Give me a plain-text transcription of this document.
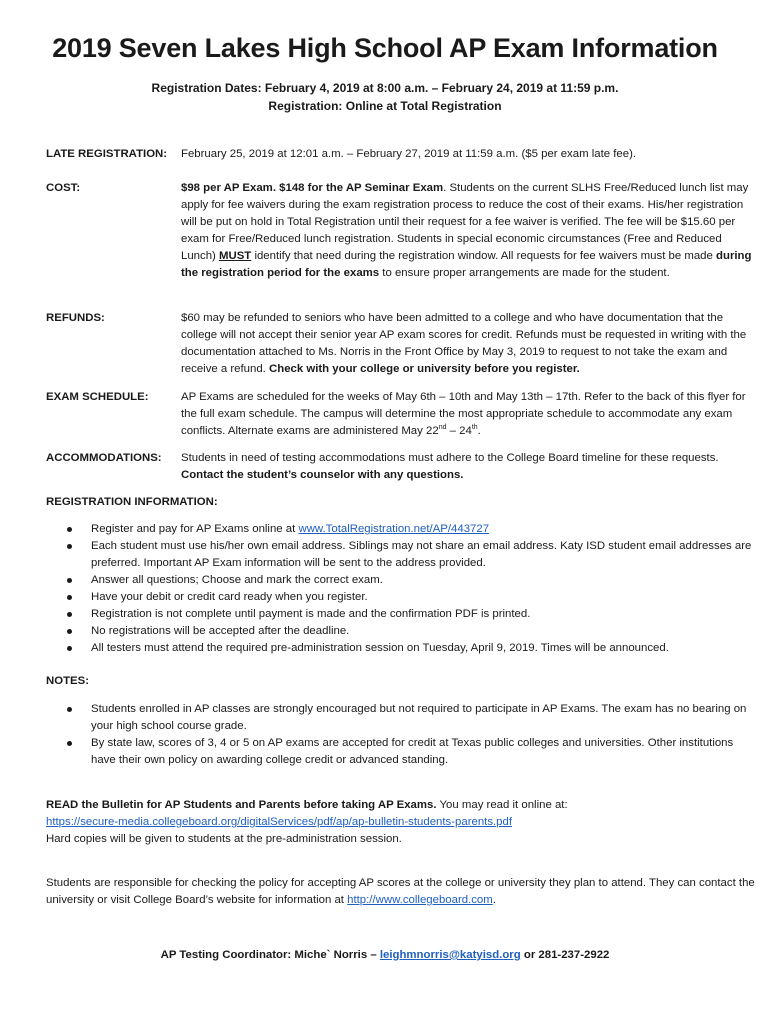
2019 Seven Lakes High School AP Exam Information
Registration Dates: February 4, 2019 at 8:00 a.m. – February 24, 2019 at 11:59 p.m.
Registration: Online at Total Registration
LATE REGISTRATION:	February 25, 2019 at 12:01 a.m. – February 27, 2019 at 11:59 a.m. ($5 per exam late fee).
COST:	$98 per AP Exam. $148 for the AP Seminar Exam. Students on the current SLHS Free/Reduced lunch list may apply for fee waivers during the exam registration process to reduce the cost of their exams. His/her registration will be put on hold in Total Registration until their request for a fee waiver is verified. The fee will be $15.60 per exam for Free/Reduced lunch registration. Students in special economic circumstances (Free and Reduced Lunch) MUST identify that need during the registration window. All requests for fee waivers must be made during the registration period for the exams to ensure proper arrangements are made for the student.
REFUNDS:	$60 may be refunded to seniors who have been admitted to a college and who have documentation that the college will not accept their senior year AP exam scores for credit. Refunds must be requested in writing with the documentation attached to Ms. Norris in the Front Office by May 3, 2019 to request to not take the exam and receive a refund. Check with your college or university before you register.
EXAM SCHEDULE:	AP Exams are scheduled for the weeks of May 6th – 10th and May 13th – 17th. Refer to the back of this flyer for the full exam schedule. The campus will determine the most appropriate schedule to accommodate any exam conflicts. Alternate exams are administered May 22nd – 24th.
ACCOMMODATIONS:	Students in need of testing accommodations must adhere to the College Board timeline for these requests.
Contact the student’s counselor with any questions.
REGISTRATION INFORMATION:
Register and pay for AP Exams online at www.TotalRegistration.net/AP/443727
Each student must use his/her own email address. Siblings may not share an email address. Katy ISD student email addresses are preferred. Important AP Exam information will be sent to the address provided.
Answer all questions; Choose and mark the correct exam.
Have your debit or credit card ready when you register.
Registration is not complete until payment is made and the confirmation PDF is printed.
No registrations will be accepted after the deadline.
All testers must attend the required pre-administration session on Tuesday, April 9, 2019. Times will be announced.
NOTES:
Students enrolled in AP classes are strongly encouraged but not required to participate in AP Exams. The exam has no bearing on your high school course grade.
By state law, scores of 3, 4 or 5 on AP exams are accepted for credit at Texas public colleges and universities. Other institutions have their own policy on awarding college credit or advanced standing.
READ the Bulletin for AP Students and Parents before taking AP Exams. You may read it online at:
https://secure-media.collegeboard.org/digitalServices/pdf/ap/ap-bulletin-students-parents.pdf
Hard copies will be given to students at the pre-administration session.
Students are responsible for checking the policy for accepting AP scores at the college or university they plan to attend. They can contact the university or visit College Board’s website for information at http://www.collegeboard.com.
AP Testing Coordinator: Miche` Norris – leighmnorris@katyisd.org or 281-237-2922
